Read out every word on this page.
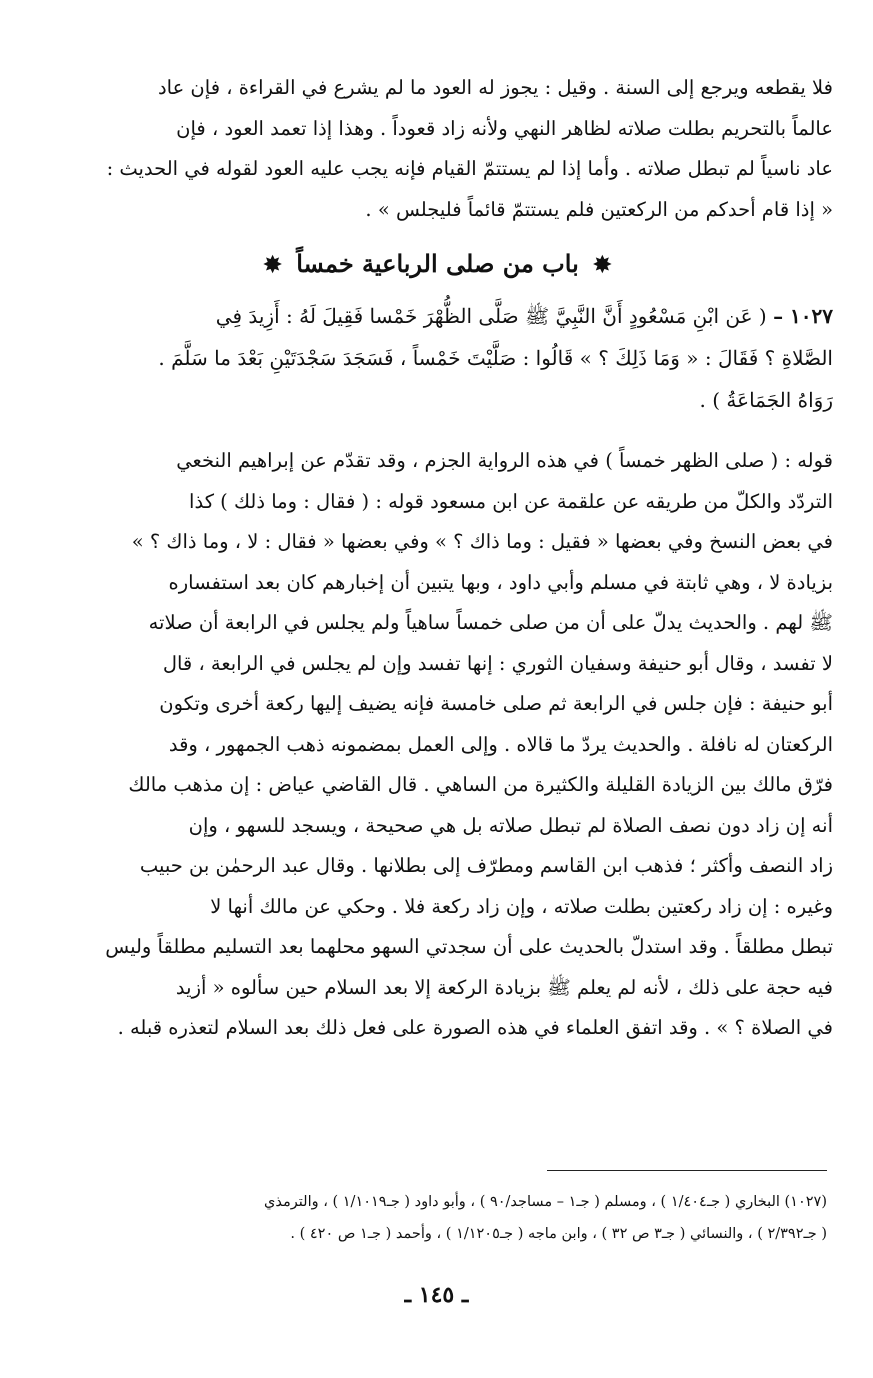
فلا يقطعه ويرجع إلى السنة . وقيل : يجوز له العود ما لم يشرع في القراءة ، فإن عاد
عالماً بالتحريم بطلت صلاته لظاهر النهي ولأنه زاد قعوداً . وهذا إذا تعمد العود ، فإن
عاد ناسياً لم تبطل صلاته . وأما إذا لم يستتمّ القيام فإنه يجب عليه العود لقوله في الحديث :
« إذا قام أحدكم من الركعتين فلم يستتمّ قائماً فليجلس » .
✸ باب من صلى الرباعية خمساً ✸
١٠٢٧ – ( عَن ابْنِ مَسْعُودٍ أَنَّ النَّبِيَّ ﷺ صَلَّى الظُّهْرَ خَمْسا فَقِيلَ لَهُ : أَزِيدَ فِي
الصَّلاةِ ؟ فَقَالَ : « وَمَا ذَلِكَ ؟ » قَالُوا : صَلَّيْتَ خَمْساً ، فَسَجَدَ سَجْدَتَيْنِ بَعْدَ ما سَلَّمَ .
رَوَاهُ الجَمَاعَةُ ) .
قوله : ( صلى الظهر خمساً ) في هذه الرواية الجزم ، وقد تقدّم عن إبراهيم النخعي
التردّد والكلّ من طريقه عن علقمة عن ابن مسعود قوله : ( فقال : وما ذلك ) كذا
في بعض النسخ وفي بعضها « فقيل : وما ذاك ؟ » وفي بعضها « فقال : لا ، وما ذاك ؟ »
بزيادة لا ، وهي ثابتة في مسلم وأبي داود ، وبها يتبين أن إخبارهم كان بعد استفساره
ﷺ لهم . والحديث يدلّ على أن من صلى خمساً ساهياً ولم يجلس في الرابعة أن صلاته
لا تفسد ، وقال أبو حنيفة وسفيان الثوري : إنها تفسد وإن لم يجلس في الرابعة ، قال
أبو حنيفة : فإن جلس في الرابعة ثم صلى خامسة فإنه يضيف إليها ركعة أخرى وتكون
الركعتان له نافلة . والحديث يردّ ما قالاه . وإلى العمل بمضمونه ذهب الجمهور ، وقد
فرّق مالك بين الزيادة القليلة والكثيرة من الساهي . قال القاضي عياض : إن مذهب مالك
أنه إن زاد دون نصف الصلاة لم تبطل صلاته بل هي صحيحة ، ويسجد للسهو ، وإن
زاد النصف وأكثر ؛ فذهب ابن القاسم ومطرّف إلى بطلانها . وقال عبد الرحمٰن بن حبيب
وغيره : إن زاد ركعتين بطلت صلاته ، وإن زاد ركعة فلا . وحكي عن مالك أنها لا
تبطل مطلقاً . وقد استدلّ بالحديث على أن سجدتي السهو محلهما بعد التسليم مطلقاً وليس
فيه حجة على ذلك ، لأنه لم يعلم ﷺ بزيادة الركعة إلا بعد السلام حين سألوه « أزيد
في الصلاة ؟ » . وقد اتفق العلماء في هذه الصورة على فعل ذلك بعد السلام لتعذره قبله .
(١٠٢٧) البخاري ( جـ١/٤٠٤ ) ، ومسلم ( جـ١ – مساجد/٩٠ ) ، وأبو داود ( جـ١/١٠١٩ ) ، والترمذي
( جـ٢/٣٩٢ ) ، والنسائي ( جـ٣ ص ٣٢ ) ، وابن ماجه ( جـ١/١٢٠٥ ) ، وأحمد ( جـ١ ص ٤٢٠ ) .
ـ ١٤٥ ـ
